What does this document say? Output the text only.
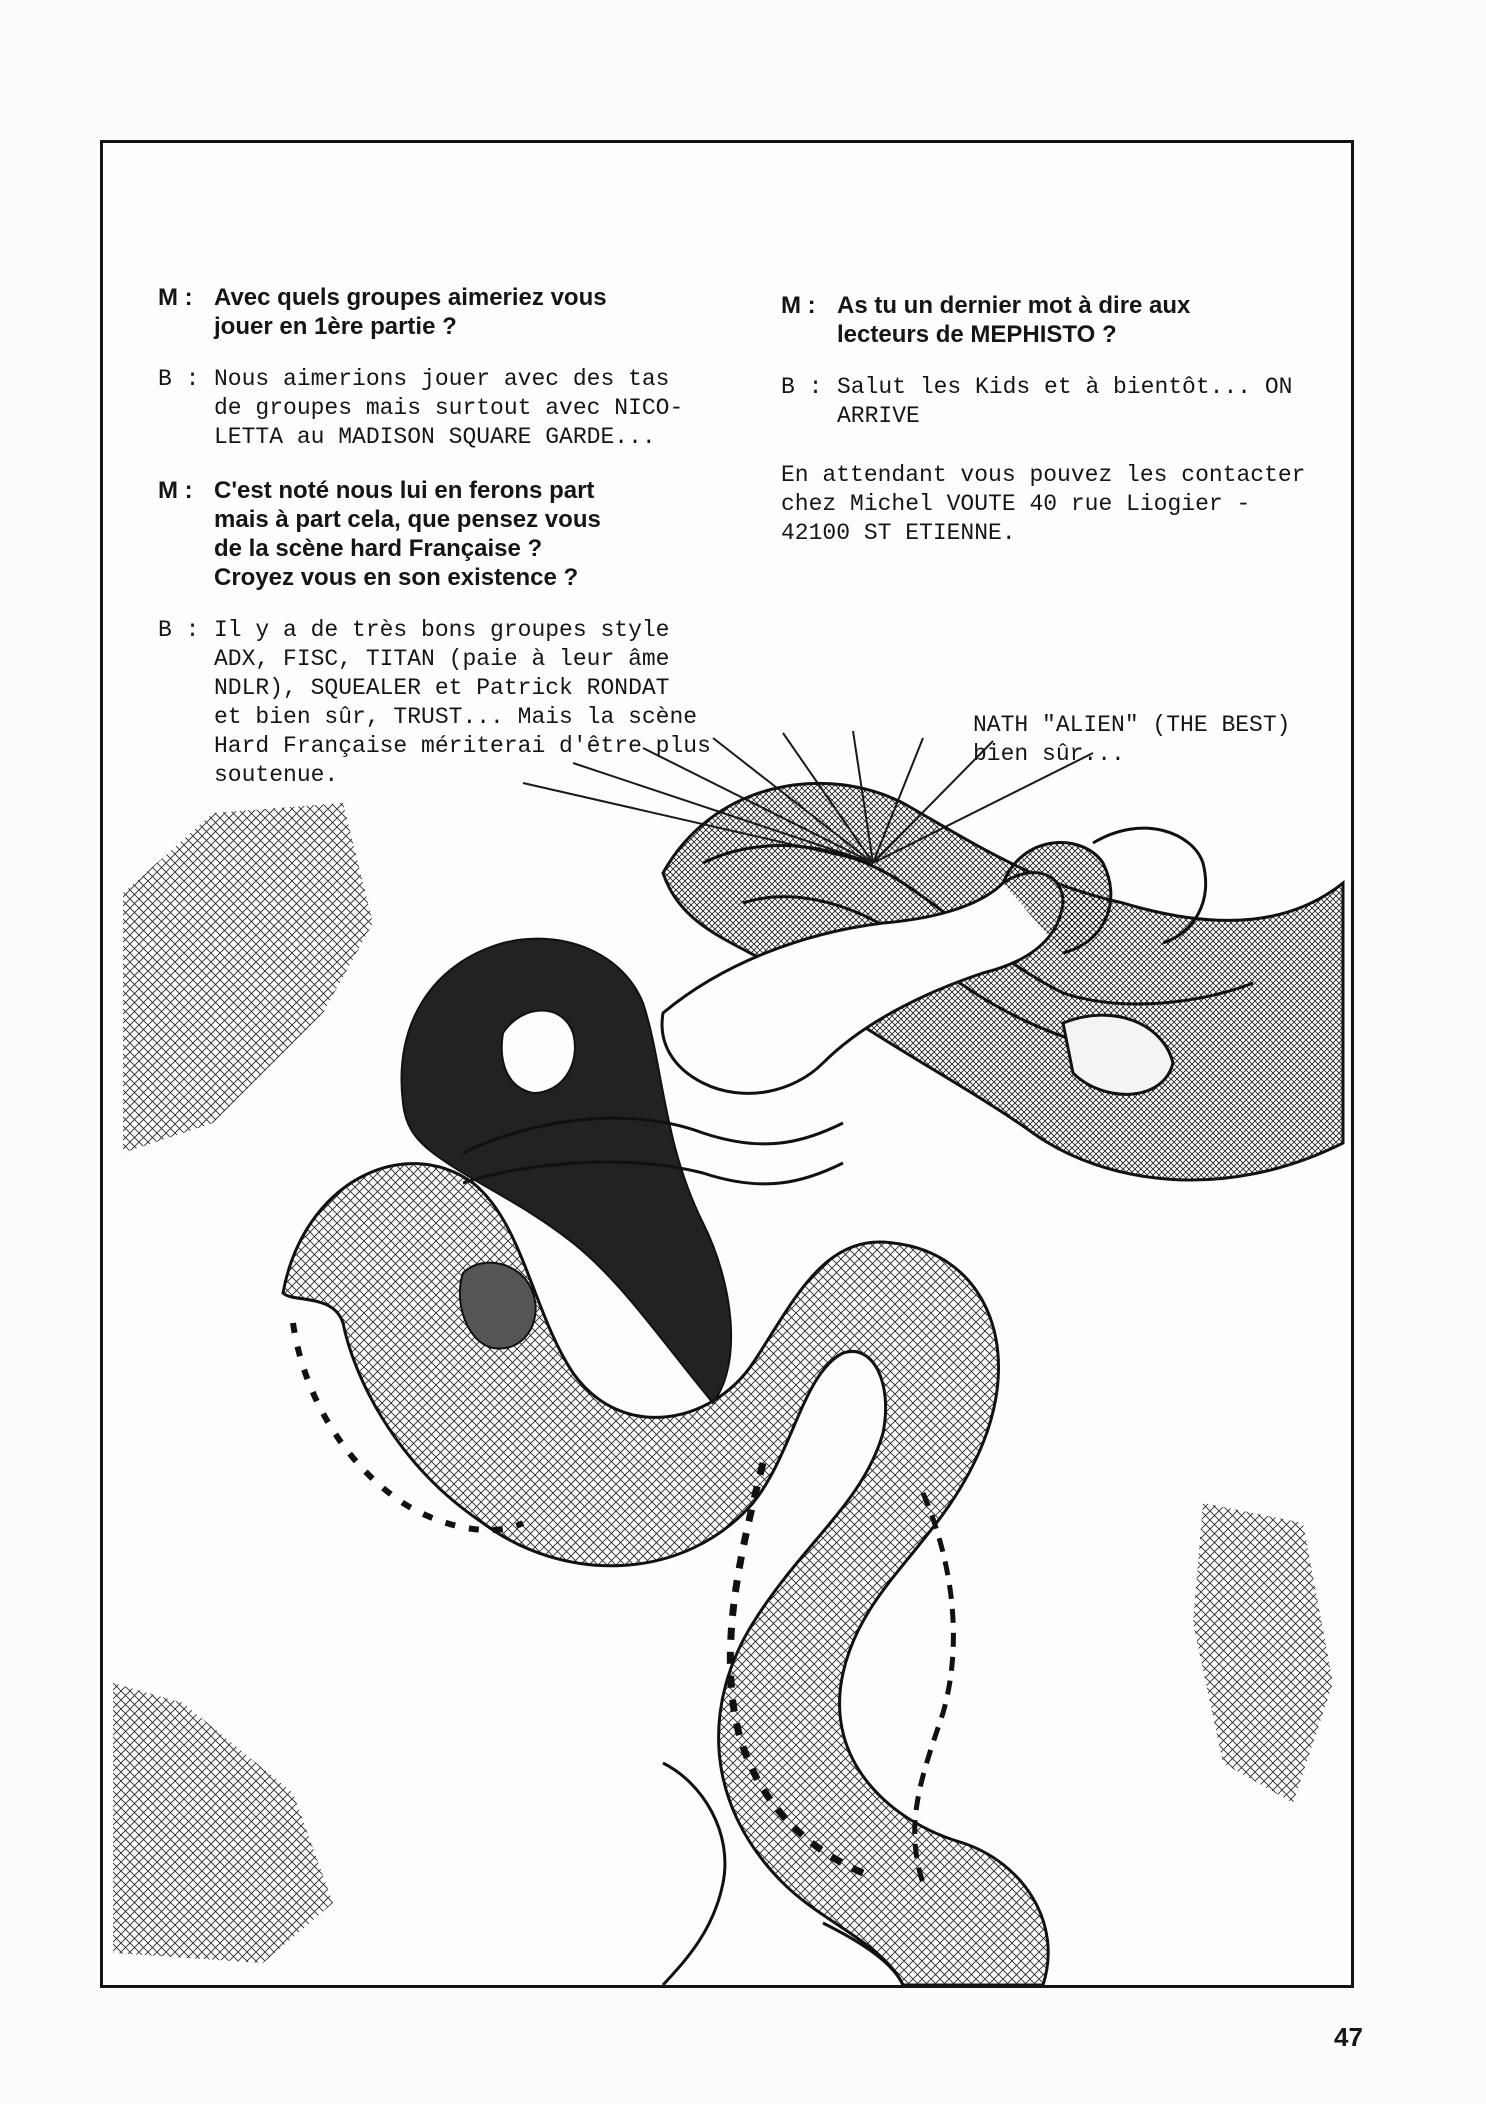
M : Avec quels groupes aimeriez vous
jouer en 1ère partie ?
B : Nous aimerions jouer avec des tas
de groupes mais surtout avec NICO-
LETTA au MADISON SQUARE GARDE...
M : C'est noté nous lui en ferons part
mais à part cela, que pensez vous
de la scène hard Française ?
Croyez vous en son existence ?
B : Il y a de très bons groupes style
ADX, FISC, TITAN (paie à leur âme
NDLR), SQUEALER et Patrick RONDAT
et bien sûr, TRUST... Mais la scène
Hard Française mériterai d'être plus
soutenue.
M : As tu un dernier mot à dire aux
lecteurs de MEPHISTO ?
B : Salut les Kids et à bientôt... ON
ARRIVE
En attendant vous pouvez les contacter
chez Michel VOUTE 40 rue Liogier -
42100 ST ETIENNE.
NATH "ALIEN" (THE BEST)
bien sûr...
47
